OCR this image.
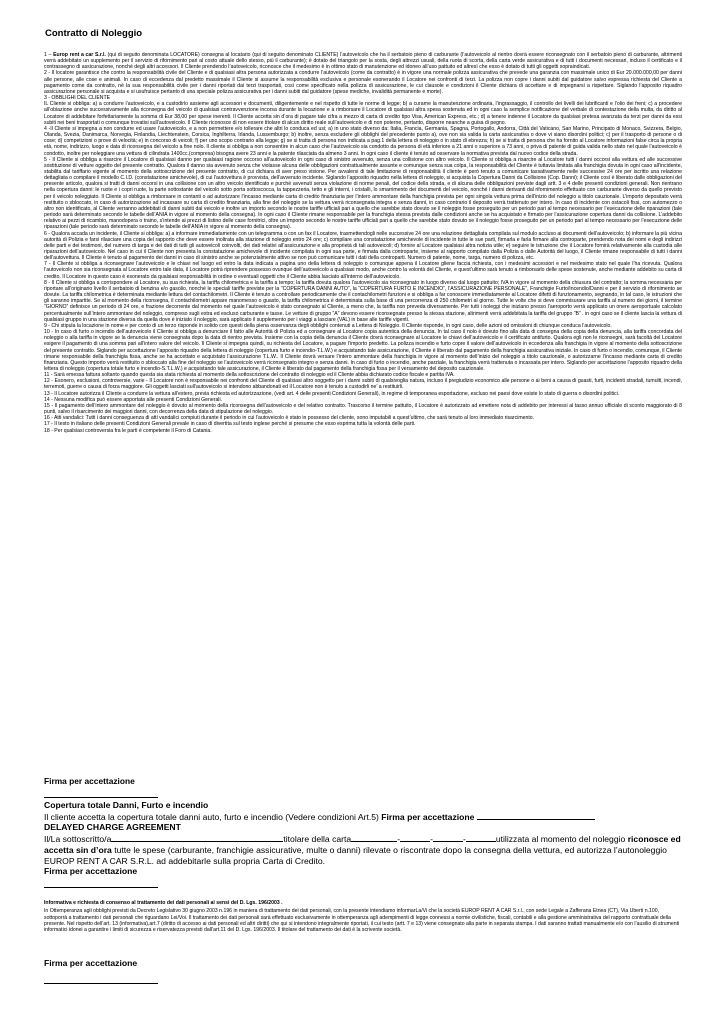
Contratto di Noleggio

1 – Europ rent a car S.r.l. (qui di seguito denominata LOCATORE) consegna al locatario (qui di seguito denominato CLIENTE) l’autoveicolo che ha il serbatoio pieno di carburante (l’autoveicolo al rientro dovrà essere riconsegnato con il serbatoio pieno di carburante, altrimenti verrà addebitato un supplemento per il servizio di rifornimento pari al costo attuale dello stesso, più il carburante); è dotato del triangolo per la sosta, degli attrezzi usuali, della ruota di scorta, della carta verde assicurativa e di tutti i documenti necessari, incluso il certificato e il contrassegno di assicurazione, nonché degli altri accessori. Il Cliente prendendo l’autoveicolo, riconosce che il medesimo è in ottimo stato di manutenzione ed idoneo all’uso pattuito ed altresì che esso è dotato di tutti gli oggetti sopraindicati.

2 - Il locatore garantisce che contro la responsabilità civile del Cliente e di qualsiasi altra persona autorizzata a condurre l’autoveicolo (come da contratto) è in vigore una normale polizza assicurativa che prevede una garanzia con massimale unico di Eur 20.000.000,00 per danni alle persone, alle cose e animali. In caso di eccedenza dal predetto massimale il Cliente si assume la responsabilità esclusiva e personale esonerando il Locatore nei confronti di terzi. La polizza non copre i danni subiti dal guidatore salvo espressa richiesta del Cliente a pagamento come da contratto, né la sua responsabilità civile per i danni riportati dai terzi trasportati, così come specificato nella polizza di assicurazione, le cui clausole e condizioni il Cliente dichiara di accettare e di impegnarsi a rispettare. Siglando l’apposito riquadro assicurazione personale si acquista e si usufruisce pertanto di una speciale polizza assicurativa per i danni subiti dal guidatore (spese mediche, invalidità permanente e morte).

3 - OBBLIGHI DEL CLIENTE

IL Cliente si obbliga: a) a condurre l’autoveicolo, e a custodirlo assieme agli accessori e documenti, diligentemente e nel rispetto di tutte le norme di legge; b) a curarne la manutenzione ordinaria, l’ingrassaggio, il controllo dei livelli dei lubrificanti e l’olio dei freni; c) a procedere all’obiazione anche successivamente alla riconsegna del veicolo di qualsiasi contravvenzione incorsa durante la locazione e a rimborsare il Locatore di qualsiasi altra spesa sostenuta ed in ogni caso la semplice notificazione del verbale di contestazione della multa, da diritto al Locatore di addebitare forfettariamente la somma di Eur 38,00 per spese inerenti. Il Cliente accetta sin d’ora di pagare tale cifra a mezzo di carta di credito tipo Visa, American Express, etc.; d) a tenere indenne il Locatore da qualsiasi pretesa avanzata da terzi per danni da essi subiti nei beni trasportati o comunque trovatisi sull’autoveicolo. Il Cliente riconosce di non essere titolare di alcun diritto reale sull’autoveicolo e di non poterne, pertanto, disporre neanche a guisa di pegno.

4 -Il Cliente si impegna a non condurre ed usare l’autoveicolo, e a non permettere e/o tollerare che altri lo conduca ed usi; a) in uno stato diverso da: Italia, Francia, Germania, Spagna, Portogallo, Andorra, Città del Vaticano, San Marino, Principato di Monaco, Svizzera, Belgio, Olanda, Svezia, Danimarca, Norvegia, Finlandia, Liechtenstein, Corsica, Inghilterra, Irlanda, Lussemburgo; b) inoltre, senza escludere gli obblighi del precedente punto a), ove non sia valida la carta assicurativa o dove vi siano disordini politici; c) per il trasporto di persone o di cose; d) competizioni o prove di velocità; e) in concorso di veicoli; f) per uno scopo contrario alla legge; g) se si tratta di persona non indicata a pag.1 della lettera di noleggio o in stato di ebrezza; h) se si tratta di persona che ha fornito al Locatore informazioni false circa la propria età, nome, indirizzo, luogo e data di riconsegna del veicolo a fine nolo. Il cliente si obbliga a non consentire in alcun caso che l’autoveicolo sia condotto da persona di età inferiore a 21 anni o superiore a 73 anni, o priva di patente di guida valida nello stato nel quale l’autoveicolo è condotto, inoltre per noleggiare una vettura di cilindrata 1400cc.(compresa) bisogna avere 23 anni e la patente rilasciata da almeno 3 anni. In ogni caso il cliente è tenuto ad osservare la normativa prevista dal nuovo codice della strada.

5 - Il Cliente si obbliga a risarcire il Locatore di qualsiasi danno per qualsiasi ragione occorso all’autoveicolo in ogni caso di sinistro avvenuto, senza una collisione con altro veicolo. Il Cliente si obbliga a risarcire al Locatore tutti i danni occorsi alla vettura ed alle successive sostituzione di vetture oggetto del presente contratto. Qualora il danno sia avvenuto senza che violasse alcuna delle obbligazioni contrattualmente assunte e comunque senza sua colpa, la responsabilità del Cliente è tuttavia limitata alla franchigia dovuta in ogni caso all’incidente, stabilita dal tariffario vigente al momento della sottoscrizione del presente contratto, di cui dichiara di aver preso visione. Per avvalersi di tale limitazione di responsabilità il cliente è però tenuto a comunicare tassativamente nelle successive 24 ore per iscritto una relazione dettagliata o compilare il modello C.I.D. (constatazione amichevole), di cui l’autovettura è provvista, dell’avvenuto incidente. Siglando l’apposito riquadro nella lettera di noleggio, si acquista la Copertura Danni da Collisione (Cop. Danni); il Cliente così è liberato dalle obbligazioni del presente articolo, qualora si tratti di danni occorsi in una collisione con un altro veicolo identificato e purché avvenuti senza violazione di norme penali, del codice della strada, e di alcuna delle obbligazioni previste dagli artt. 3 e 4 delle presenti condizioni generali. Non rientrano nella copertura danni: le ruote e i copri ruote, la parte sottostante del veicolo sotto porta sottoscocca, la tappezzeria, tetto e gli interni, i cristalli, lo smarrimento dei documenti del veicolo, nonché i danni derivanti dal rifornimento effettuato con carburante diverso da quello previsto per il veicolo noleggiato. Il Cliente si obbliga a rimborsare in contanti o ad autorizzare l’incasso mediante carta di credito finanziaria per l’intero ammontare della franchigia prevista per ogni singola vettura prima dell’inizio del noleggio a titolo cauzionale. L’importo depositato verrà restituito o sbloccato, in caso di autorizzazione ad incassare su carta di credito finanziaria, alla fine del noleggio se la vettura verrà riconsegnata integra e senza danni, in caso contrario il deposito verrà trattenuto per intero. In caso di incidente con ostacoli fissi, con automezzo o altro non identificato, al Cliente verranno addebitati di danni subiti dal veicolo e inoltre un importo secondo le nostre tariffe ufficiali pari a quello che sarebbe stato dovuto se il noleggio fosse proseguito per un periodo pari al tempo necessario per l’esecuzione delle riparazioni (tale periodo sarà determinato secondo le tabelle dell’ANIA in vigore al momento della consegna). In ogni caso il Cliente rimane responsabile per la franchigia stessa prevista dalle condizioni anche se ha acquistato e firmato per l’assicurazione copertura danni da collisione. L’addebito relativo ai pezzi di ricambio, manodopera o traino, s’intende ai prezzi di listino delle case fornitrici, oltre un importo secondo le nostre tariffe ufficiali pari a quello che sarebbe stato dovuto se il noleggio fosse proseguito per un periodo pari al tempo necessario per l’esecuzione delle riparazioni (tale periodo sarà determinato secondo le tabelle dell’ANIA in vigore al momento della consegna).

6 - Qualora accada un incidente, il Cliente si obbliga: a) a informare immediatamente con un telegramma o con un fax il Locatore, trasmettendogli nelle successive 24 ore una relazione dettagliata compilata sul modulo accluso ai documenti dell’autoveicolo; b) informare la più vicina autorità di Polizia e farsi rilasciare una copia del rapporto che deve essere inoltrata alla stazione di noleggio entro 24 ore; c) compilare una constatazione amichevole di incidente in tutte le sue parti, firmarla e farla firmare alla controparte, prendendo nota dei nomi e degli indirizzi delle parti e dei testimoni, del numero di targa e dei dati di tutti gli autoveicoli coinvolti, dei dati relativi all’assicurazione e alla proprietà di tali autoveicoli; d) fornire al Locatore qualsiasi altra notizia utile; e) seguire le istruzione che il Locatore fornirà relativamente alla custodia alle riparazioni dell’autoveicolo. Nel caso in cui il Cliente non presenta la constatazione amichevole di incidente compilata in ogni sua parte, e firmata dalla controparte, insieme al rapporto compilato dalla Polizia o dalle Autorità del luogo, il Cliente rimane responsabile di tutti i danni dell’autovettura. Il Cliente è tenuto al pagamento dei danni in caso di sinistro anche se potenzialmente attivo se non può comunicare tutti i dati della controparti. Numero di patente, nome, targa, numero di polizza, etc.

7 - Il Cliente si obbliga a riconsegnare l’autoveicolo e le chiavi nel luogo ed entro la data indicata a pagina uno della lettera di noleggio o comunque appena il Locatore gliene faccia richiesta, con i medesimi accessori e nel medesimo stato nel quale l’ha ricevuta. Qualora l’autoveicolo non sia riconsegnata al Locatore entro tale data, il Locatore potrà riprendere possesso ovunque dell’autoveicolo a qualsiasi modo, anche contro la volontà del Cliente, e quest’ultimo sarà tenuto a rimborsarlo delle spese sostenute, anche mediante addebito su carta di credito. Il Locatore in questo caso è esonerato da qualsiasi responsabilità in ordine o eventuali oggetti che il Cliente abbia lasciato all’interno dell’autoveicolo.

8 - Il Cliente si obbliga a corrispondere al Locatore, su sua richiesta, la tariffa chilometrica e la tariffa a tempo; la tariffa dovuta qualora l’autoveicolo sia riconsegnato in luogo diverso dal luogo pattuito; IVA in vigore al momento della chiusura del contratto; la somma necessaria per riportare all’originario livello il serbatoio di benzina e/o gasolio, nonché le speciali tariffe previste per la “COPERTURA DANNI AUTO”, la “COPERTURA FURTO E INCENDIO”, l’ASSICURAZIONE PERSONALE”, Franchigie Furto/Incendio/Danni e per il servizio di rifornimento se dovute. La tariffa chilometrica è determinata mediante lettura del contachilometri. Il Cliente è tenuto a controllare periodicamente che il contachilometri funzioni e si obbliga a far conoscere immediatamente al Locatore difetti di funzionamento, segnando, in tal caso, le istruzioni che gli saranno impartite. Se al momento della riconsegna, il contachilometri appare manomesso o guasto, la tariffa chilometrica è determinata sulla base di una percorrenza di 250 chilometri al giorno. Tutte le volte che si deve commisurare una tariffa al numero dei giorni, il termine “GIORNO” definisce un periodo di 24 ore, e frazione decorrente dal momento nel quale l’autoveicolo è stato consegnato al Cliente, a meno che, la tariffa non preveda diversamente. Per tutti i noleggi che iniziano presso l’aeroporto verrà applicato un onere aeroportuale calcolato percentualmente sull’intero ammontare del noleggio, compreso sugli extra ed escluso carburante e tasse. Le vetture di gruppo “A” devono essere riconsegnate presso la stessa stazione, altrimenti verrà addebitata la tariffa del gruppo “B” . in ogni caso se il cliente lascia la vettura di qualsiasi gruppo in una stazione diversa da quella dove è iniziato il noleggio, sarà applicato il supplemento per i viaggi a lasciare (VAL) in base alle tariffe vigenti.

9 - Chi stipula la locazione in nome e per conto di un terzo risponde in solido con questi della piena osservanza degli obblighi contenuti a Lettera di Noleggio. Il Cliente risponde, in ogni caso, delle azioni od omissioni di chiunque conduca l’autoveicolo.

10 - In caso di furto o incendio dell’autoveicolo il Cliente si obbliga a denunciare il fatto alle Autorità di Polizia ed a consegnare al Locatore copia autentica della denuncia. In tal caso il nolo è dovuto fino alla data di consegna della copia della denuncia, alla tariffa concordata del noleggio o alla tariffa in vigore se la denuncia viene consegnata dopo la data di rientro prevista. Insieme con la copia della denuncia il Cliente dovrà riconsegnare al Locatore le chiavi dell’autoveicolo e il certificato antifurto. Qualora egli non le riconsegni, sarà facoltà del Locatore esigere il pagamento di una somma pari all’intero valore del veicolo. Il Cliente si impegna quindi, su richiesta del Locatore, a pagare l’importo predetto. La polizza incendio e furto copre il valore dell’autoveicolo in eccedenza alla franchigia in vigore al momento della sottoscrizione del presente contratto. Siglando per accettazione l’apposito riquadro della lettera di noleggio (copertura furto e incendio-T.L.W.) e acquistando tale assicurazione, il Cliente è liberato dal pagamento della franchigia assicurativa iniziale. In caso di furto o incendio, comunque, il Cliente rimane responsabile della franchigia fissa, anche se ha accettato e acquistato l’assicurazione T.L.W.. Il Cliente dovrà versare l’intero ammontare della franchigia in vigore al momento dell’inizio del noleggio a titolo cauzionale, o autorizzarne l’incasso mediante carta di credito finanziaria. Questo importo verrà restituito o sbloccato alla fine del noleggio se l’autoveicolo verrà riconsegnato integro e senza danni. In caso di furto o incendio, anche parziale, la franchigia verrà trattenuta o incassata per intero. Siglando per accettazione l’apposito riquadro della lettera di noleggio (copertura totale furto e incendio-S.T.L.W.) e acquistando tale assicurazione, il Cliente è liberato dal pagamento della franchigia fissa per il versamento del deposito cauzionale.

11 - Sarà emessa fattura soltanto quando questa sia stata richiesta al momento della sottoscrizione del contratto di noleggio ed il Cliente abbia dichiarato codice fiscale e partita IVA.

12 - Esonero, esclusioni, controversie, varie - Il Locatore non è responsabile nei confronti del Cliente di qualsiasi altro soggetto per i danni subiti di qualsivoglia natura, incluso il pregiudizio economico alle persone o ai beni a causa di guasti, furti, incidenti stradali, tumulti, incendi, terremoti, guerre o causa di forza maggiore. Gli oggetti lasciati sull’autoveicolo si intendono abbandonati ed il Locatore non è tenuto a custodirli ne’ a restituirli.

13 - Il Locatore autorizza il Cliente a condurre la vettura all’estero, previa richiesta ed autorizzazione, (vedi art. 4 delle presenti Condizioni Generali), in regime di temporanea esportazione, escluso nei paesi dove esiste lo stato di guerra o disordini politici.

14 - Nessuna modifica può essere apportata alle presenti Condizioni Generali.

15 - Il pagamento dell’intero ammontare del noleggio è dovuto al momento della riconsegna dell’autoveicolo e del relativo contratto. Trascorso il termine pattuito, il Locatore è autorizzato ad emettere nota di addebito per interessi al tasso annuo ufficiale di sconto maggiorato di 8 punti, salvo il risarcimento dei maggiori danni, con decorrenza della data di stipulazione del noleggio.

16 - Atti vandalici: Tutti i danni conseguenza di atti vandalici compiuti durante il periodo in cui l’autoveicolo è stato in possesso del cliente, sono imputabili a quest’ultimo, che sarà tenuto al loro immediato risarcimento.

17 - Il testo in italiano delle presenti Condizioni Generali prevale in caso di divertita sul testo inglese perché si presume che esso esprima tutta la volontà delle parti.

18 - Per qualsiasi controversia fra le parti è competente il Foro di Catania.

Firma per accettazione

Copertura totale Danni, Furto e incendio

Il cliente accetta la copertura totale danni auto, furto e incendio (Vedere condizioni Art.5) Firma per accettazione

DELAYED CHARGE AGREEMENT

Il/La sottoscritto/a	titolare della carta	-	-	-	utilizzata al momento del noleggio riconosce ed accetta sin d’ora tutte le spese (carburante, franchigie assicurative, multe o danni) rilevate o riscontrate dopo la consegna della vettura, ed autorizza l’autonoleggio EUROP RENT A CAR S.R.L. ad addebitarle sulla propria Carta di Credito.

Firma per accettazione

Informativa e richiesta di consenso al trattamento dei dati personali ai sensi del D. Lgs. 196/2003 .

In Ottemperanza agli obblighi previsti da Decreto Legislativo 30 giugno 2003 n.196 in maniera di trattamento dei dati personali, con la presente intendiamo informarLa/Vi che la società EUROP RENT A CAR S.r.l., con sede Legale a Zafferana Etnea (CT), Via Uberti n.100, sottoporrà a trattamento i dati personali che riguardano Lei/Voi. Il trattamento dei dati personali sarà effettuato esclusivamente in ottemperanza agli adempimenti di legge connessi a norme civilistiche, fiscali, contabili e alla gestione amministrativa del rapporto contrattuale della presente. Nel rispetto dell’art. 13 (informativa),art.7 (diritto di accesso ai dati personali ed altri diritti) che qui si intendono integralmente riportati, il cui testo (artt. 7 e 13) viene consegnato alla parte in separata stampa. I dati saranno trattati manualmente e/o con l’ausilio di strumenti informatici idonei a garantire i limiti di sicurezza e riservatezza previsti dall’art.11 del D. Lgs. 196/2003. Il titolare del trattamento dei dati è la scrivente società.

Firma per accettazione
